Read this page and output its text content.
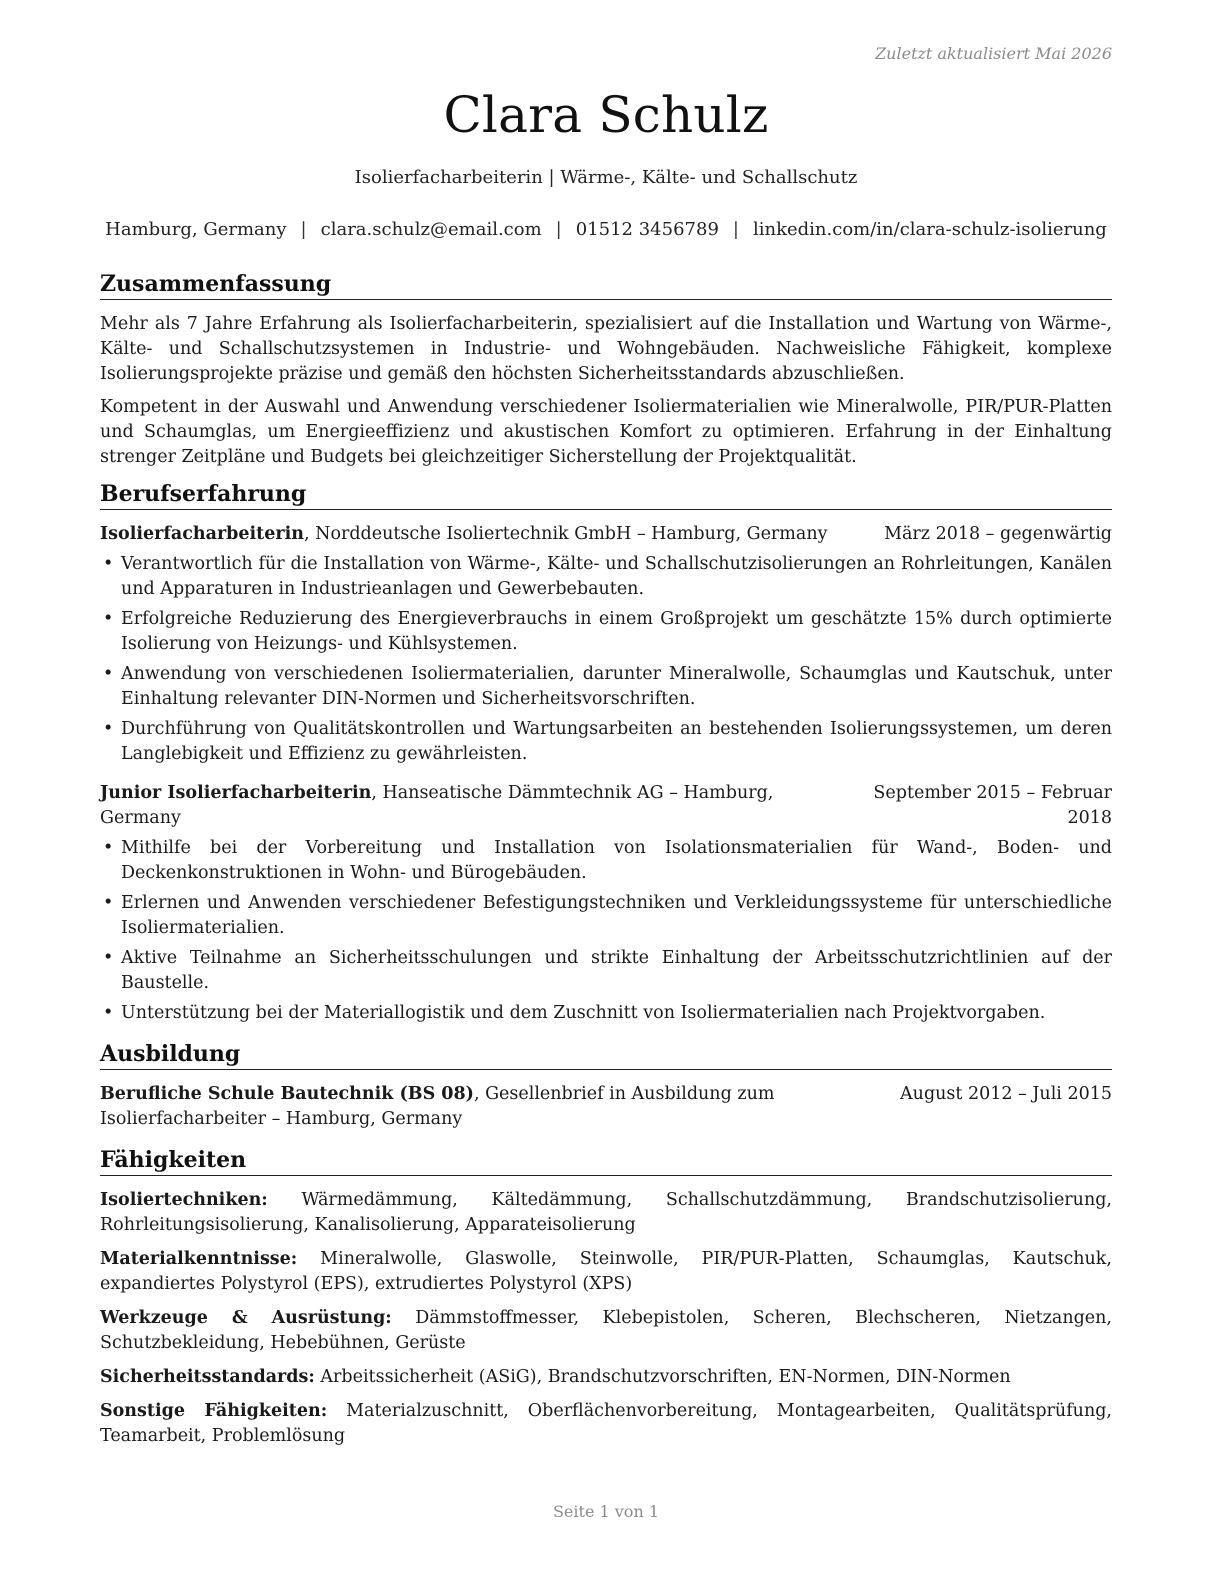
Zuletzt aktualisiert Mai 2026
Clara Schulz
Isolierfacharbeiterin | Wärme-, Kälte- und Schallschutz
Hamburg, Germany | clara.schulz@email.com | 01512 3456789 | linkedin.com/in/clara-schulz-isolierung
Zusammenfassung

Mehr als 7 Jahre Erfahrung als Isolierfacharbeiterin, spezialisiert auf die Installation und Wartung von Wärme-, Kälte- und Schallschutzsystemen in Industrie- und Wohngebäuden. Nachweisliche Fähigkeit, komplexe Isolierungsprojekte präzise und gemäß den höchsten Sicherheitsstandards abzuschließen.

Kompetent in der Auswahl und Anwendung verschiedener Isoliermaterialien wie Mineralwolle, PIR/PUR-Platten und Schaumglas, um Energieeffizienz und akustischen Komfort zu optimieren. Erfahrung in der Einhaltung strenger Zeitpläne und Budgets bei gleichzeitiger Sicherstellung der Projektqualität.

Berufserfahrung
Isolierfacharbeiterin, Norddeutsche Isoliertechnik GmbH – Hamburg, Germany	März 2018 – gegenwärtig
• Verantwortlich für die Installation von Wärme-, Kälte- und Schallschutzisolierungen an Rohrleitungen, Kanälen und Apparaturen in Industrieanlagen und Gewerbebauten.
• Erfolgreiche Reduzierung des Energieverbrauchs in einem Großprojekt um geschätzte 15% durch optimierte Isolierung von Heizungs- und Kühlsystemen.
• Anwendung von verschiedenen Isoliermaterialien, darunter Mineralwolle, Schaumglas und Kautschuk, unter Einhaltung relevanter DIN-Normen und Sicherheitsvorschriften.
• Durchführung von Qualitätskontrollen und Wartungsarbeiten an bestehenden Isolierungssystemen, um deren Langlebigkeit und Effizienz zu gewährleisten.
Junior Isolierfacharbeiterin, Hanseatische Dämmtechnik AG – Hamburg, Germany
September 2015 – Februar 2018
• Mithilfe bei der Vorbereitung und Installation von Isolationsmaterialien für Wand-, Boden- und Deckenkonstruktionen in Wohn- und Bürogebäuden.
• Erlernen und Anwenden verschiedener Befestigungstechniken und Verkleidungssysteme für unterschiedliche Isoliermaterialien.
• Aktive Teilnahme an Sicherheitsschulungen und strikte Einhaltung der Arbeitsschutzrichtlinien auf der Baustelle.
• Unterstützung bei der Materiallogistik und dem Zuschnitt von Isoliermaterialien nach Projektvorgaben.
Ausbildung
Berufliche Schule Bautechnik (BS 08), Gesellenbrief in Ausbildung zum Isolierfacharbeiter – Hamburg, Germany
August 2012 – Juli 2015
Fähigkeiten
Isoliertechniken: Wärmedämmung, Kältedämmung, Schallschutzdämmung, Brandschutzisolierung, Rohrleitungsisolierung, Kanalisolierung, Apparateisolierung
Materialkenntnisse: Mineralwolle, Glaswolle, Steinwolle, PIR/PUR-Platten, Schaumglas, Kautschuk, expandiertes Polystyrol (EPS), extrudiertes Polystyrol (XPS)
Werkzeuge & Ausrüstung: Dämmstoffmesser, Klebepistolen, Scheren, Blechscheren, Nietzangen, Schutzbekleidung, Hebebühnen, Gerüste
Sicherheitsstandards: Arbeitssicherheit (ASiG), Brandschutzvorschriften, EN-Normen, DIN-Normen
Sonstige Fähigkeiten: Materialzuschnitt, Oberflächenvorbereitung, Montagearbeiten, Qualitätsprüfung, Teamarbeit, Problemlösung
Seite 1 von 1
